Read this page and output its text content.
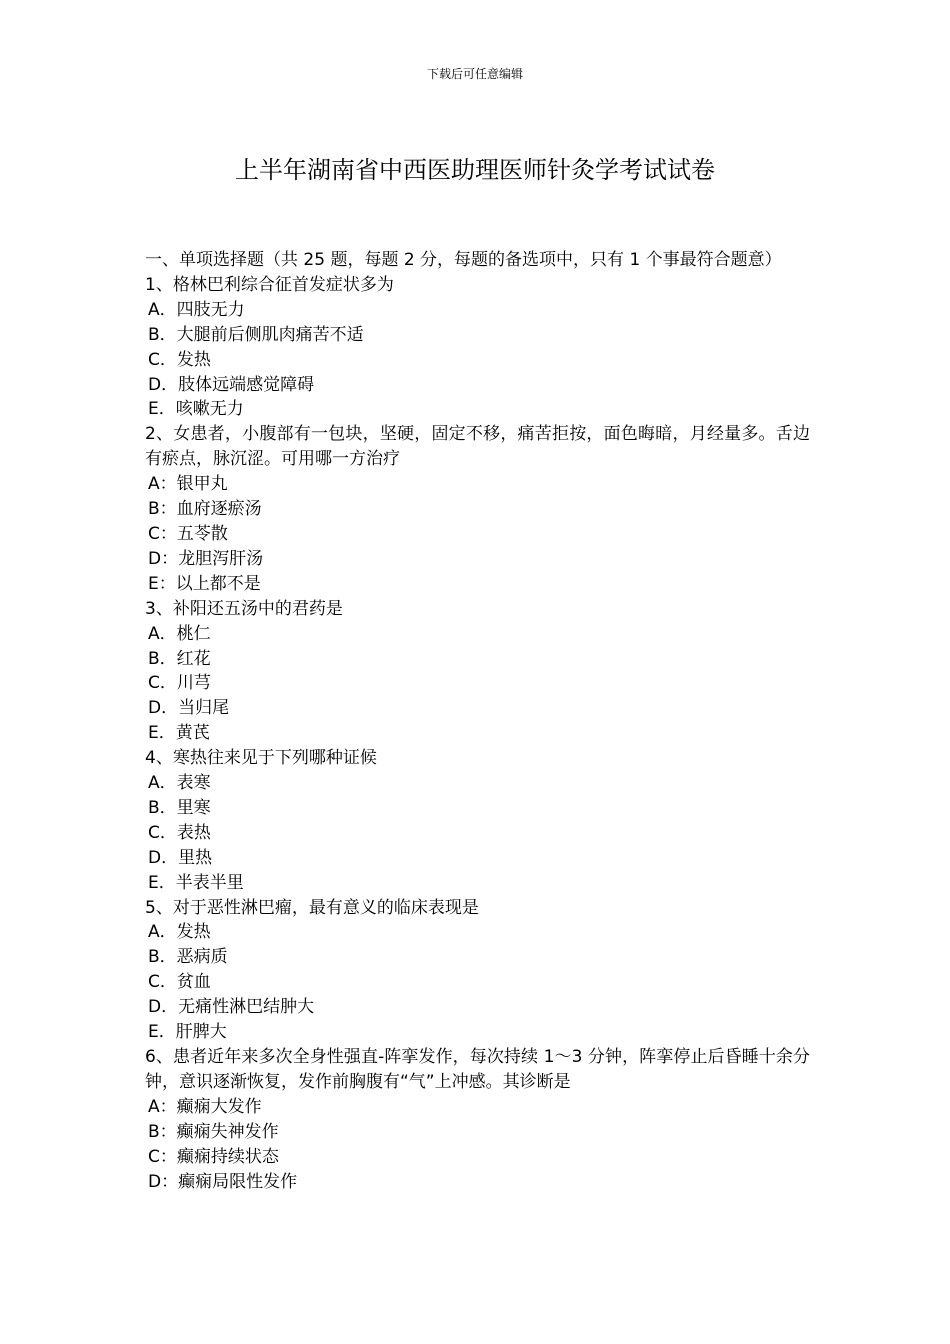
下载后可任意编辑
上半年湖南省中西医助理医师针灸学考试试卷
一、单项选择题（共 25 题，每题 2 分，每题的备选项中，只有 1 个事最符合题意）
1、格林巴利综合征首发症状多为
A．四肢无力
B．大腿前后侧肌肉痛苦不适
C．发热
D．肢体远端感觉障碍
E．咳嗽无力
2、女患者，小腹部有一包块，坚硬，固定不移，痛苦拒按，面色晦暗，月经量多。舌边有瘀点，脉沉涩。可用哪一方治疗
A：银甲丸
B：血府逐瘀汤
C：五苓散
D：龙胆泻肝汤
E：以上都不是
3、补阳还五汤中的君药是
A．桃仁
B．红花
C．川芎
D．当归尾
E．黄芪
4、寒热往来见于下列哪种证候
A．表寒
B．里寒
C．表热
D．里热
E．半表半里
5、对于恶性淋巴瘤，最有意义的临床表现是
A．发热
B．恶病质
C．贫血
D．无痛性淋巴结肿大
E．肝脾大
6、患者近年来多次全身性强直-阵挛发作，每次持续 1～3 分钟，阵挛停止后昏睡十余分钟，意识逐渐恢复，发作前胸腹有“气”上冲感。其诊断是
A：癫痫大发作
B：癫痫失神发作
C：癫痫持续状态
D：癫痫局限性发作
